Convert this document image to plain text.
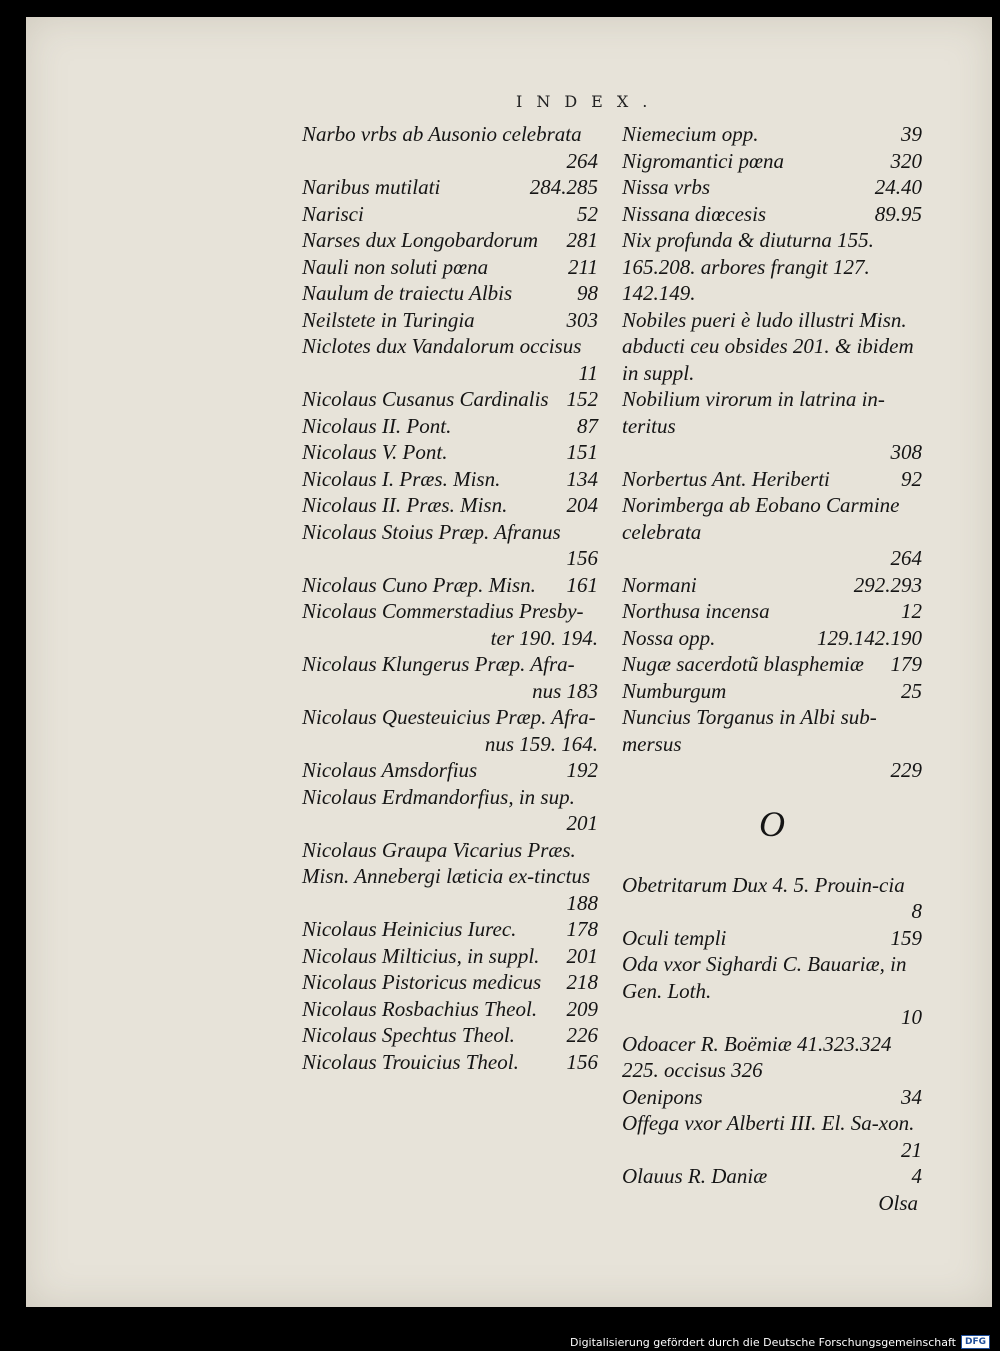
INDEX.
Narbo vrbs ab Ausonio celebrata
264
Naribus mutilati	284.285
Narisci	52
Narses dux Longobardorum 281
Nauli non soluti pœna	211
Naulum de traiectu Albis	98
Neilstete in Turingia	303
Niclotes dux Vandalorum occisus
11
Nicolaus Cusanus Cardinalis 152
Nicolaus II. Pont.	87
Nicolaus V. Pont.	151
Nicolaus I. Præs. Misn.	134
Nicolaus II. Præs. Misn.	204
Nicolaus Stoius Præp. Afranus
156
Nicolaus Cuno Præp. Misn. 161
Nicolaus Commerstadius Presby-
ter 190. 194.
Nicolaus Klungerus Præp. Afra-
nus 183
Nicolaus Questeuicius Præp. Afra-
nus 159. 164.
Nicolaus Amsdorfius	192
Nicolaus Erdmandorfius, in sup.
201
Nicolaus Graupa Vicarius Præs. Misn. Annebergi læticia ex-tinctus
188
Nicolaus Heinicius Iurec. 178
Nicolaus Milticius, in suppl. 201
Nicolaus Pistoricus medicus 218
Nicolaus Rosbachius Theol. 209
Nicolaus Spechtus Theol. 226
Nicolaus Trouicius Theol. 156
Niemecium opp.	39
Nigromantici pœna	320
Nissa vrbs	24.40
Nissana diœcesis	89.95
Nix profunda & diuturna 155. 165.208. arbores frangit 127. 142.149.
Nobiles pueri è ludo illustri Misn. abducti ceu obsides 201. & ibidem in suppl.
Nobilium virorum in latrina in-teritus
308
Norbertus Ant. Heriberti	92
Norimberga ab Eobano Carmine celebrata
264
Normani	292.293
Northusa incensa	12
Nossa opp.	129.142.190
Nugæ sacerdotũ blasphemiæ 179
Numburgum	25
Nuncius Torganus in Albi sub-mersus
229
O
Obetritarum Dux 4. 5. Prouin-cia
8
Oculi templi	159
Oda vxor Sighardi C. Bauariæ, in Gen. Loth.
10
Odoacer R. Boëmiæ 41.323.324 225. occisus 326
Oenipons	34
Offega vxor Alberti III. El. Sa-xon.
21
Olauus R. Daniæ	4
Olsa
Digitalisierung gefördert durch die Deutsche Forschungsgemeinschaft	DFG
